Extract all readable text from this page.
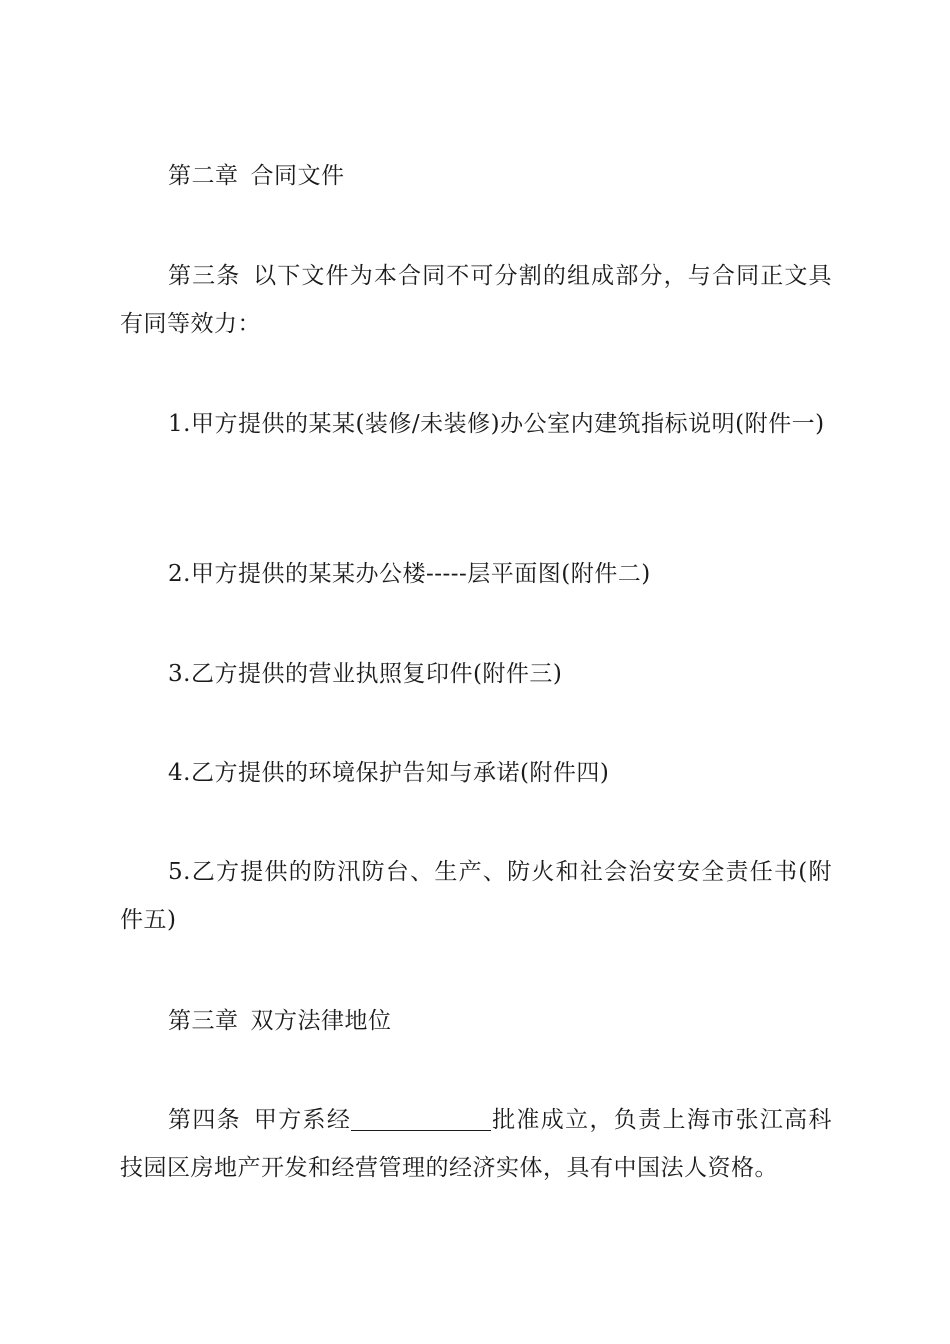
第二章 合同文件

第三条 以下文件为本合同不可分割的组成部分，与合同正文具有同等效力：

1.甲方提供的某某(装修/未装修)办公室内建筑指标说明(附件一)

2.甲方提供的某某办公楼-----层平面图(附件二)

3.乙方提供的营业执照复印件(附件三)

4.乙方提供的环境保护告知与承诺(附件四)

5.乙方提供的防汛防台、生产、防火和社会治安安全责任书(附件五)

第三章 双方法律地位

第四条 甲方系经	批准成立，负责上海市张江高科技园区房地产开发和经营管理的经济实体，具有中国法人资格。
